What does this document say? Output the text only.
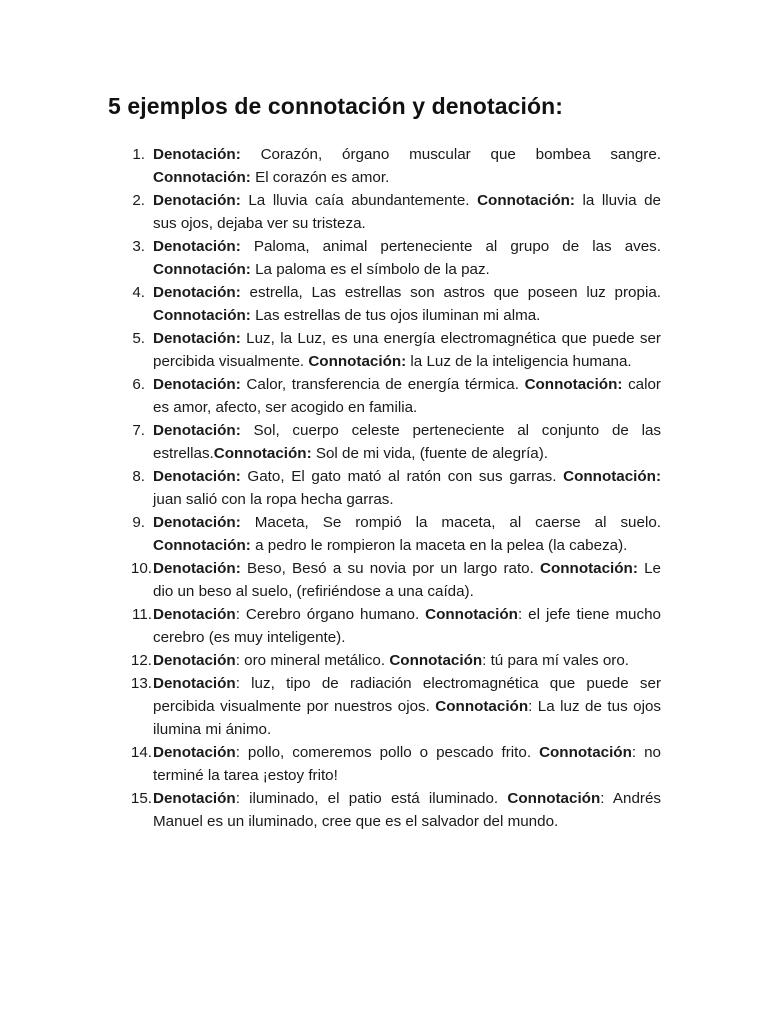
5 ejemplos de connotación y denotación:
1. Denotación: Corazón, órgano muscular que bombea sangre. Connotación: El corazón es amor.
2. Denotación: La lluvia caía abundantemente. Connotación: la lluvia de sus ojos, dejaba ver su tristeza.
3. Denotación: Paloma, animal perteneciente al grupo de las aves. Connotación: La paloma es el símbolo de la paz.
4. Denotación: estrella, Las estrellas son astros que poseen luz propia. Connotación: Las estrellas de tus ojos iluminan mi alma.
5. Denotación: Luz, la Luz, es una energía electromagnética que puede ser percibida visualmente. Connotación: la Luz de la inteligencia humana.
6. Denotación: Calor, transferencia de energía térmica. Connotación: calor es amor, afecto, ser acogido en familia.
7. Denotación: Sol, cuerpo celeste perteneciente al conjunto de las estrellas.Connotación: Sol de mi vida, (fuente de alegría).
8. Denotación: Gato, El gato mató al ratón con sus garras. Connotación: juan salió con la ropa hecha garras.
9. Denotación: Maceta, Se rompió la maceta, al caerse al suelo. Connotación: a pedro le rompieron la maceta en la pelea (la cabeza).
10. Denotación: Beso, Besó a su novia por un largo rato. Connotación: Le dio un beso al suelo, (refiriéndose a una caída).
11. Denotación: Cerebro órgano humano. Connotación: el jefe tiene mucho cerebro (es muy inteligente).
12. Denotación: oro mineral metálico. Connotación: tú para mí vales oro.
13. Denotación: luz, tipo de radiación electromagnética que puede ser percibida visualmente por nuestros ojos. Connotación: La luz de tus ojos ilumina mi ánimo.
14. Denotación: pollo, comeremos pollo o pescado frito. Connotación: no terminé la tarea ¡estoy frito!
15. Denotación: iluminado, el patio está iluminado. Connotación: Andrés Manuel es un iluminado, cree que es el salvador del mundo.
